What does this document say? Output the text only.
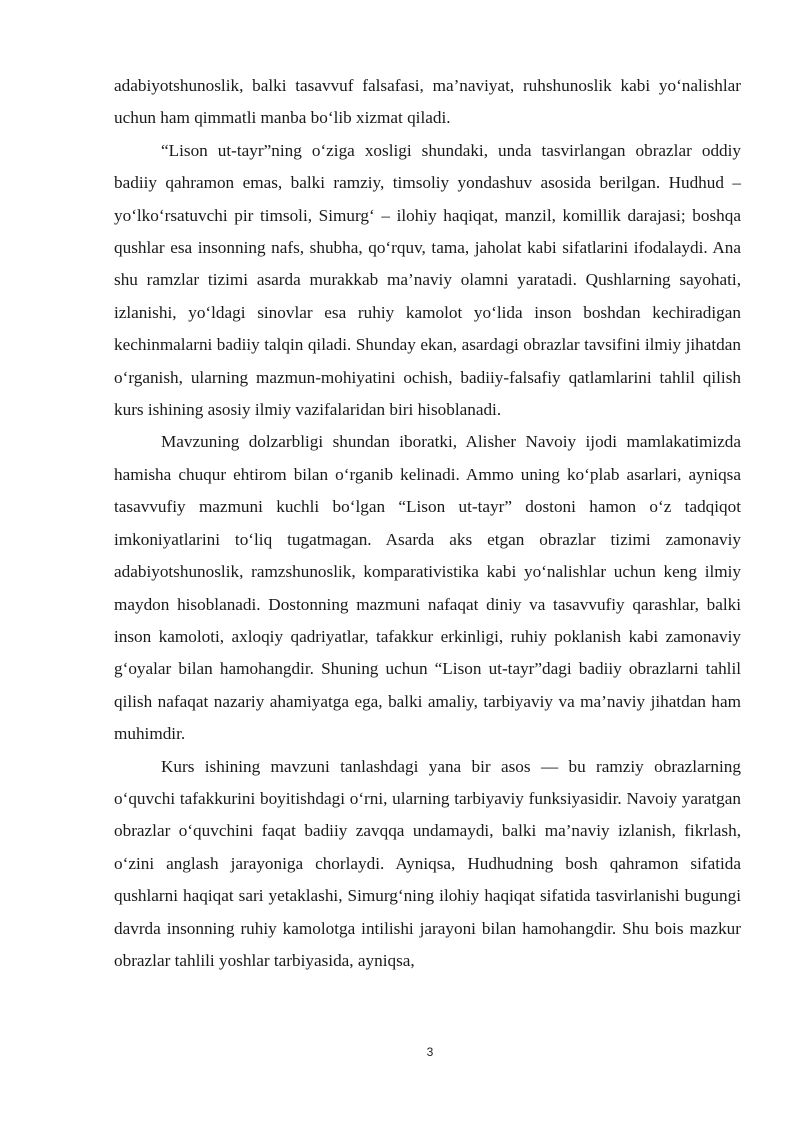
adabiyotshunoslik, balki tasavvuf falsafasi, ma’naviyat, ruhshunoslik kabi yo‘nalishlar uchun ham qimmatli manba bo‘lib xizmat qiladi.

“Lison ut-tayr”ning o‘ziga xosligi shundaki, unda tasvirlangan obrazlar oddiy badiiy qahramon emas, balki ramziy, timsoliy yondashuv asosida berilgan. Hudhud – yo‘lko‘rsatuvchi pir timsoli, Simurg‘ – ilohiy haqiqat, manzil, komillik darajasi; boshqa qushlar esa insonning nafs, shubha, qo‘rquv, tama, jaholat kabi sifatlarini ifodalaydi. Ana shu ramzlar tizimi asarda murakkab ma’naviy olamni yaratadi. Qushlarning sayohati, izlanishi, yo‘ldagi sinovlar esa ruhiy kamolot yo‘lida inson boshdan kechiradigan kechinmalarni badiiy talqin qiladi. Shunday ekan, asardagi obrazlar tavsifini ilmiy jihatdan o‘rganish, ularning mazmun-mohiyatini ochish, badiiy-falsafiy qatlamlarini tahlil qilish kurs ishining asosiy ilmiy vazifalaridan biri hisoblanadi.

Mavzuning dolzarbligi shundan iboratki, Alisher Navoiy ijodi mamlakatimizda hamisha chuqur ehtirom bilan o‘rganib kelinadi. Ammo uning ko‘plab asarlari, ayniqsa tasavvufiy mazmuni kuchli bo‘lgan “Lison ut-tayr” dostoni hamon o‘z tadqiqot imkoniyatlarini to‘liq tugatmagan. Asarda aks etgan obrazlar tizimi zamonaviy adabiyotshunoslik, ramzshunoslik, komparativistika kabi yo‘nalishlar uchun keng ilmiy maydon hisoblanadi. Dostonning mazmuni nafaqat diniy va tasavvufiy qarashlar, balki inson kamoloti, axloqiy qadriyatlar, tafakkur erkinligi, ruhiy poklanish kabi zamonaviy g‘oyalar bilan hamohangdir. Shuning uchun “Lison ut-tayr”dagi badiiy obrazlarni tahlil qilish nafaqat nazariy ahamiyatga ega, balki amaliy, tarbiyaviy va ma’naviy jihatdan ham muhimdir.

Kurs ishining mavzuni tanlashdagi yana bir asos — bu ramziy obrazlarning o‘quvchi tafakkurini boyitishdagi o‘rni, ularning tarbiyaviy funksiyasidir. Navoiy yaratgan obrazlar o‘quvchini faqat badiiy zavqqa undamaydi, balki ma’naviy izlanish, fikrlash, o‘zini anglash jarayoniga chorlaydi. Ayniqsa, Hudhudning bosh qahramon sifatida qushlarni haqiqat sari yetaklashi, Simurg‘ning ilohiy haqiqat sifatida tasvirlanishi bugungi davrda insonning ruhiy kamolotga intilishi jarayoni bilan hamohangdir. Shu bois mazkur obrazlar tahlili yoshlar tarbiyasida, ayniqsa,

3
